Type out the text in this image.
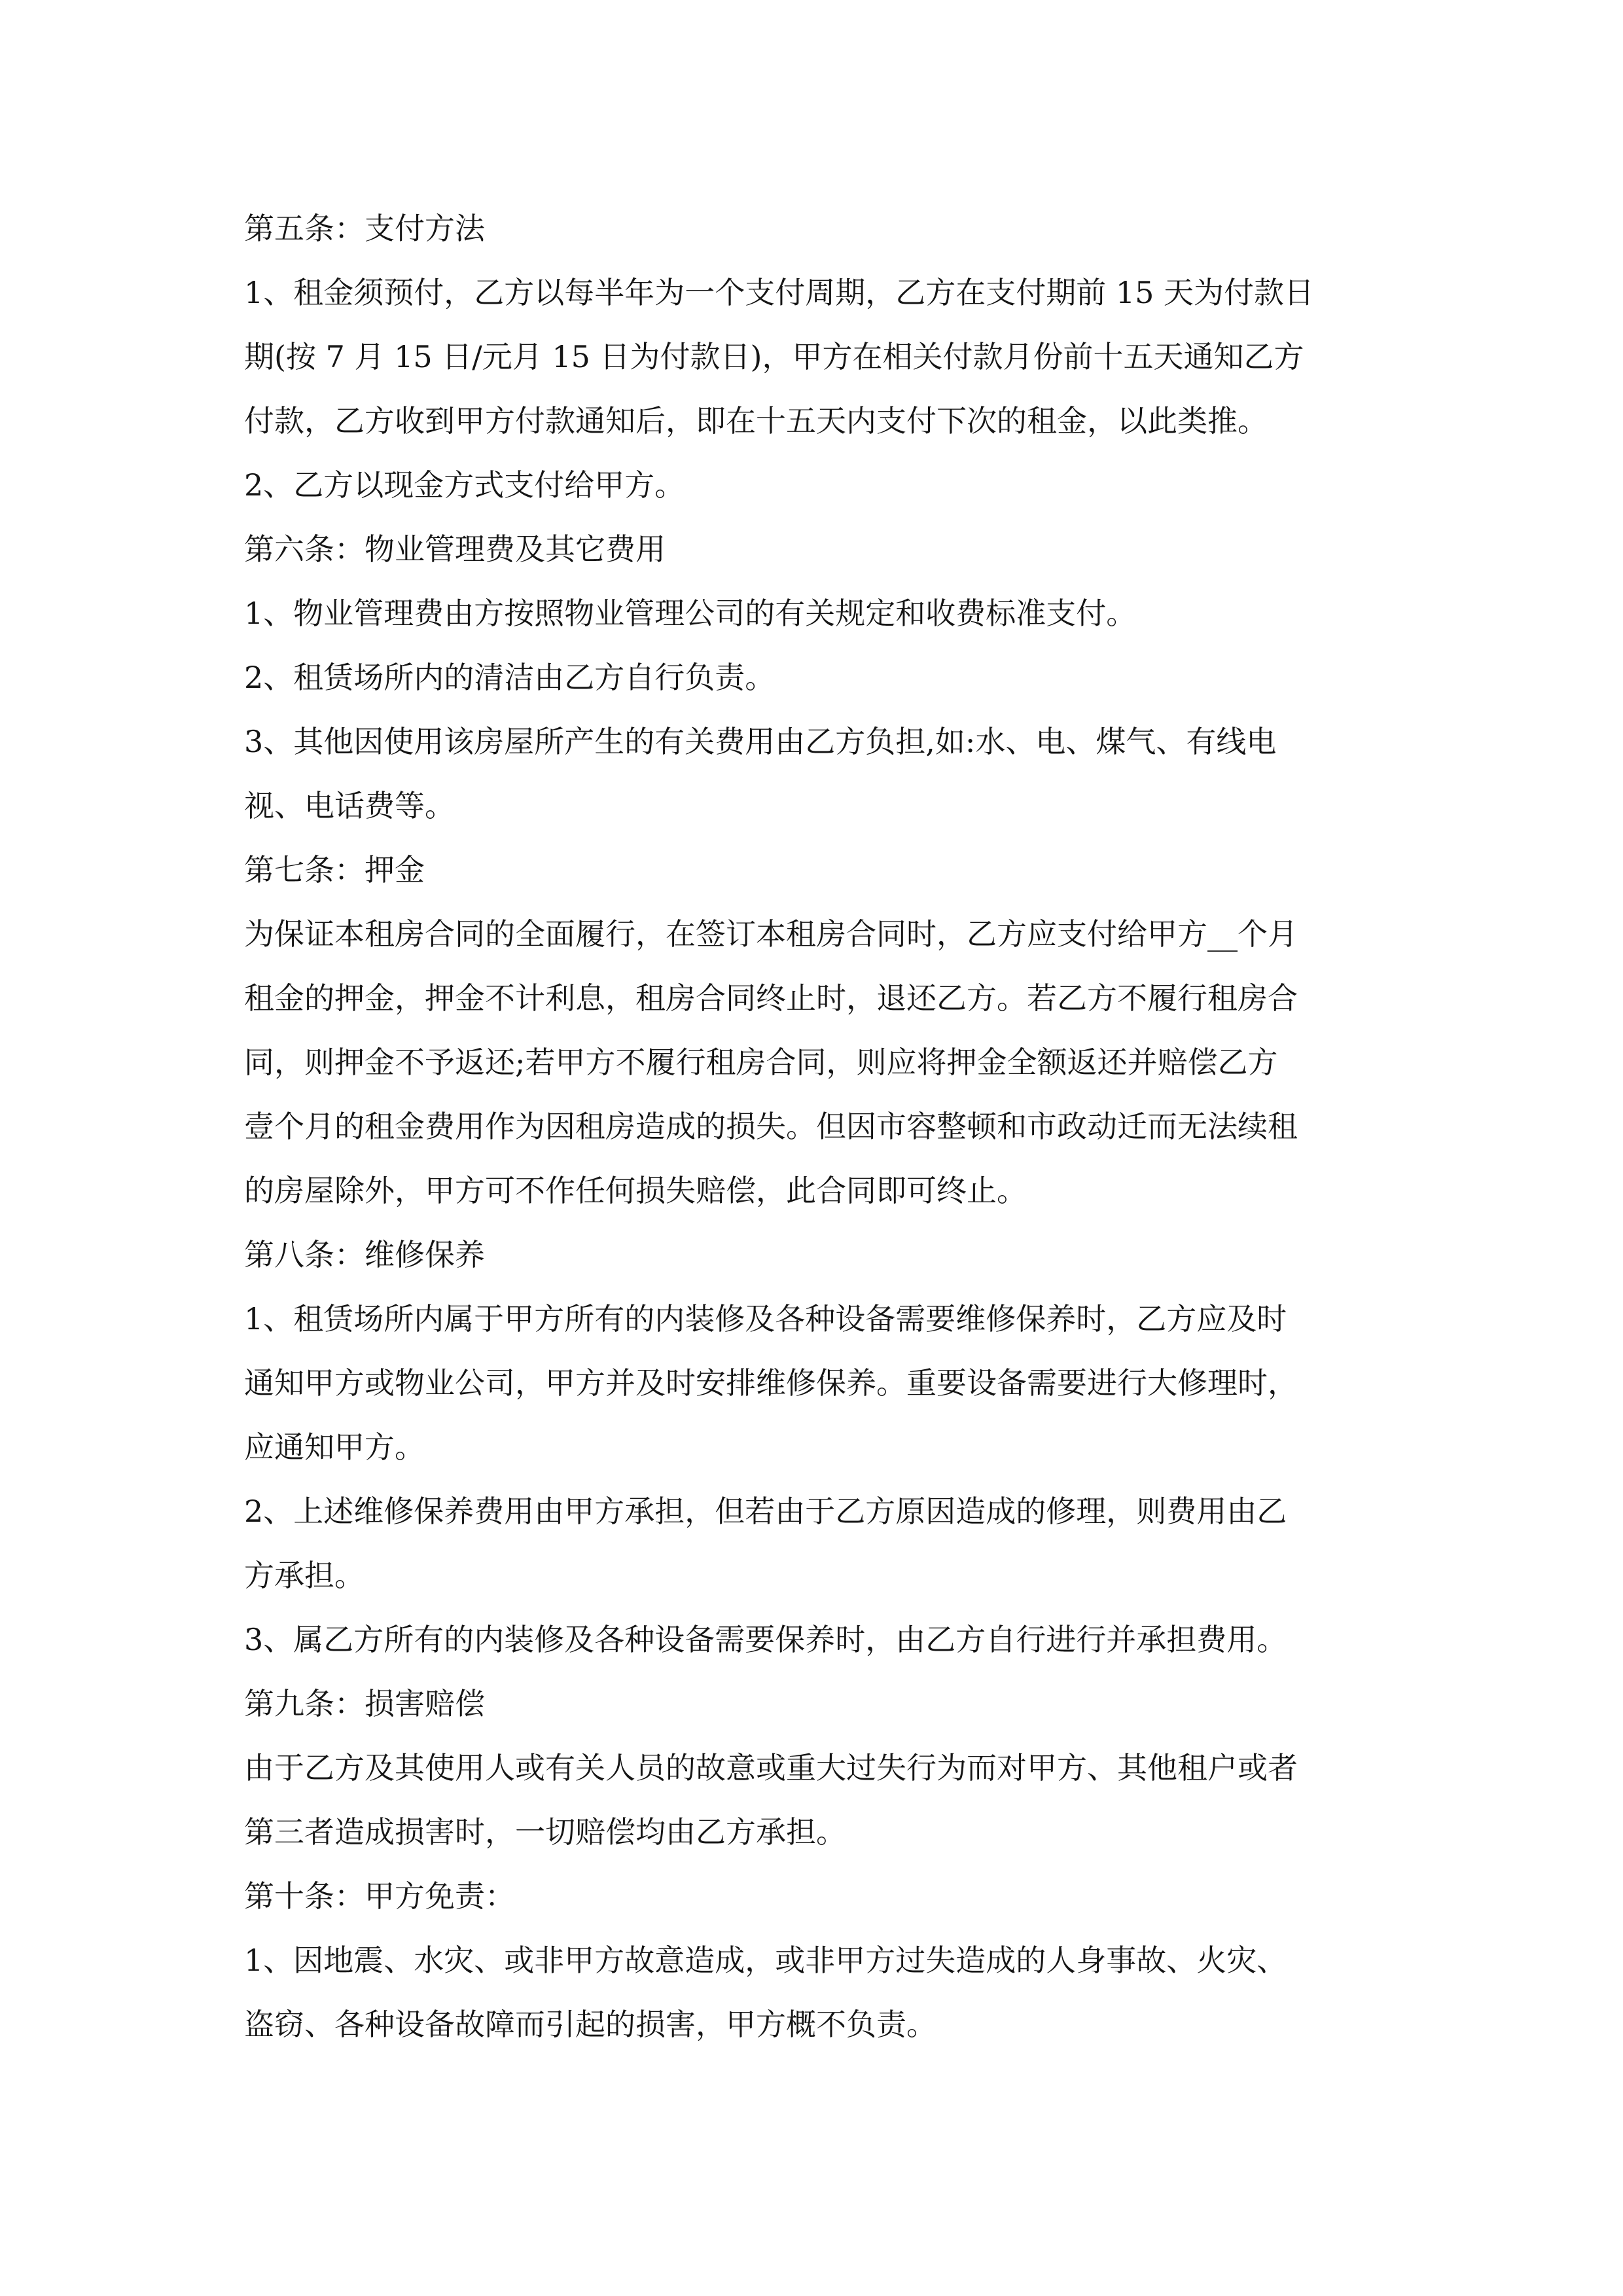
第五条：支付方法
1、租金须预付，乙方以每半年为一个支付周期，乙方在支付期前 15 天为付款日
期(按 7 月 15 日/元月 15 日为付款日)，甲方在相关付款月份前十五天通知乙方
付款，乙方收到甲方付款通知后，即在十五天内支付下次的租金，以此类推。
2、乙方以现金方式支付给甲方。
第六条：物业管理费及其它费用
1、物业管理费由方按照物业管理公司的有关规定和收费标准支付。
2、租赁场所内的清洁由乙方自行负责。
3、其他因使用该房屋所产生的有关费用由乙方负担,如:水、电、煤气、有线电
视、电话费等。
第七条：押金
为保证本租房合同的全面履行，在签订本租房合同时，乙方应支付给甲方__个月
租金的押金，押金不计利息，租房合同终止时，退还乙方。若乙方不履行租房合
同，则押金不予返还;若甲方不履行租房合同，则应将押金全额返还并赔偿乙方
壹个月的租金费用作为因租房造成的损失。但因市容整顿和市政动迁而无法续租
的房屋除外，甲方可不作任何损失赔偿，此合同即可终止。
第八条：维修保养
1、租赁场所内属于甲方所有的内装修及各种设备需要维修保养时，乙方应及时
通知甲方或物业公司，甲方并及时安排维修保养。重要设备需要进行大修理时，
应通知甲方。
2、上述维修保养费用由甲方承担，但若由于乙方原因造成的修理，则费用由乙
方承担。
3、属乙方所有的内装修及各种设备需要保养时，由乙方自行进行并承担费用。
第九条：损害赔偿
由于乙方及其使用人或有关人员的故意或重大过失行为而对甲方、其他租户或者
第三者造成损害时，一切赔偿均由乙方承担。
第十条：甲方免责：
1、因地震、水灾、或非甲方故意造成，或非甲方过失造成的人身事故、火灾、
盗窃、各种设备故障而引起的损害，甲方概不负责。
